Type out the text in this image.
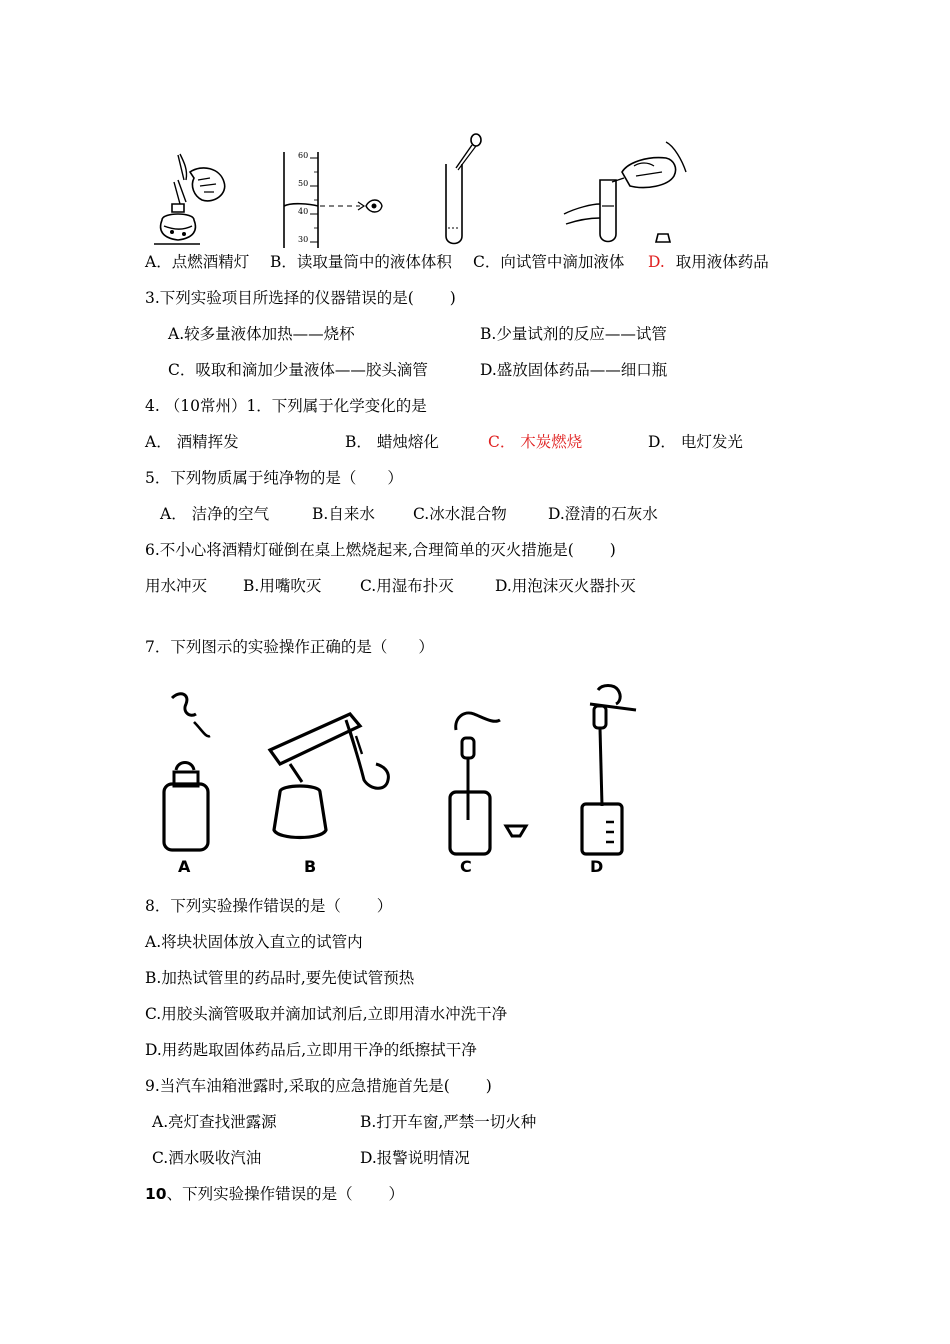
60
50
40
30
A．点燃酒精灯 B．读取量筒中的液体体积 C．向试管中滴加液体 D. 取用液体药品
3.下列实验项目所选择的仪器错误的是(　　 )
A.较多量液体加热——烧杯	B.少量试剂的反应——试管
C．吸取和滴加少量液体——胶头滴管	D.盛放固体药品——细口瓶
4. （10常州）1．下列属于化学变化的是
A． 酒精挥发	B． 蜡烛熔化	C． 木炭燃烧	D． 电灯发光
5．下列物质属于纯净物的是（　　）
A． 洁净的空气	B.自来水 C.冰水混合物	D.澄清的石灰水
6.不小心将酒精灯碰倒在桌上燃烧起来,合理简单的灭火措施是(　　 )
用水冲灭 B.用嘴吹灭 C.用湿布扑灭	D.用泡沫灭火器扑灭
7．下列图示的实验操作正确的是（　　）
A	B	C	D
8．下列实验操作错误的是（　　 ）
A.将块状固体放入直立的试管内
B.加热试管里的药品时,要先使试管预热
C.用胶头滴管吸取并滴加试剂后,立即用清水冲洗干净
D.用药匙取固体药品后,立即用干净的纸擦拭干净
9.当汽车油箱泄露时,采取的应急措施首先是(　　 )
A.亮灯查找泄露源	B.打开车窗,严禁一切火种
C.洒水吸收汽油	D.报警说明情况
10、下列实验操作错误的是（　　 ）
